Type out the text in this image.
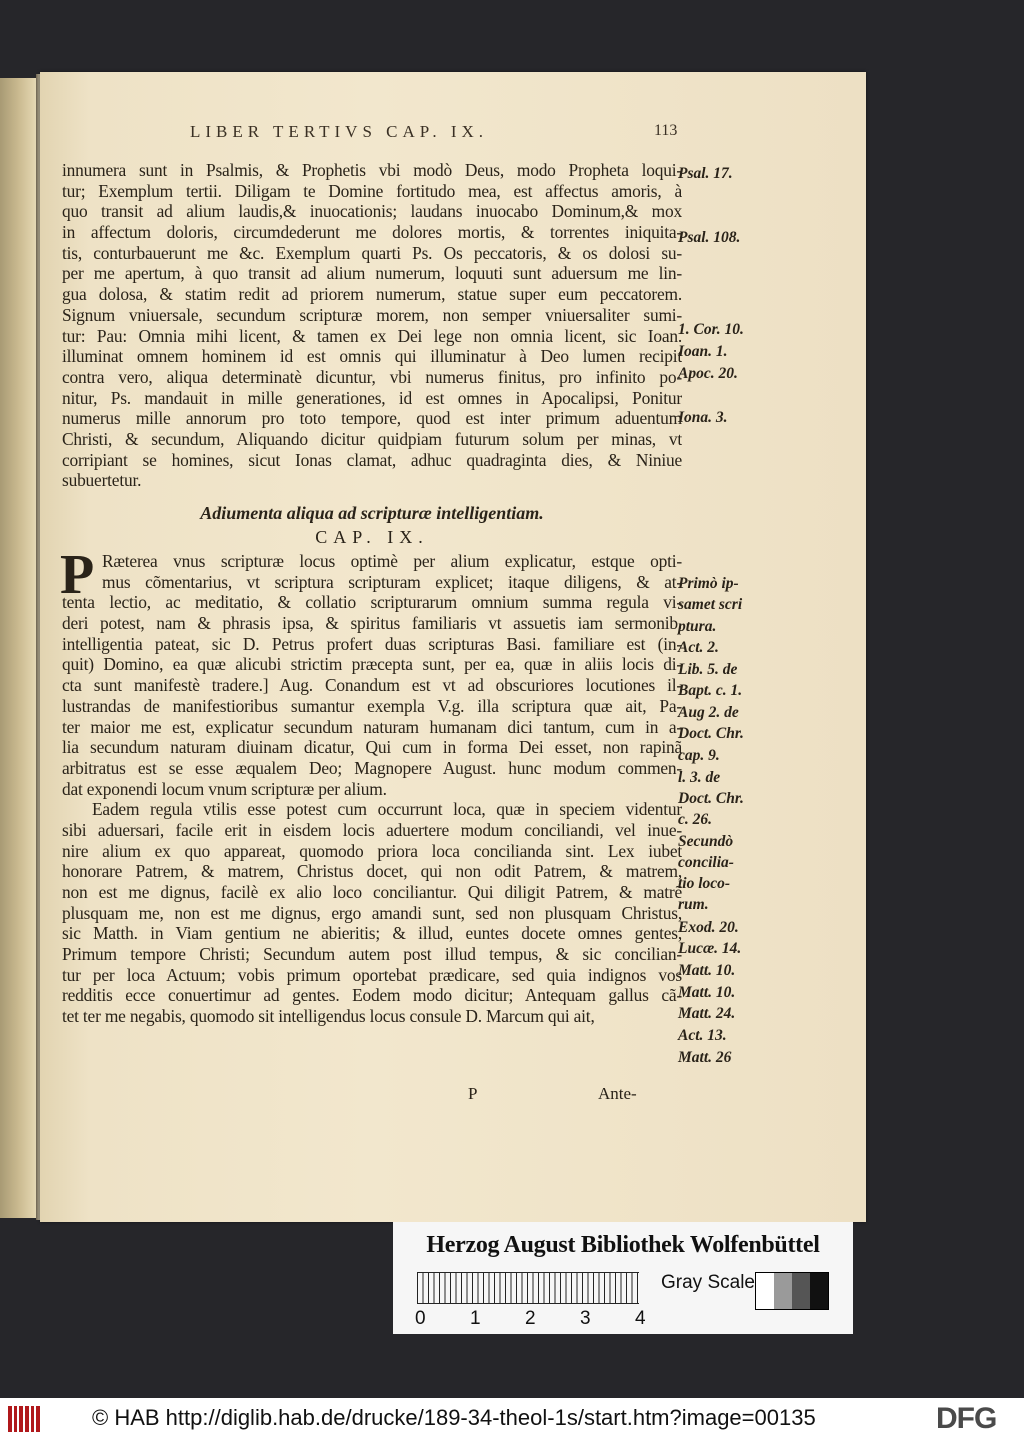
LIBER TERTIVS CAP. IX.	113
innumera sunt in Psalmis, & Prophetis vbi modò Deus, modo Propheta loqui-
tur; Exemplum tertii. Diligam te Domine fortitudo mea, est affectus amoris, à
quo transit ad alium laudis,& inuocationis; laudans inuocabo Dominum,& mox
in affectum doloris, circumdederunt me dolores mortis, & torrentes iniquita-
tis, conturbauerunt me &c. Exemplum quarti Ps. Os peccatoris, & os dolosi su-
per me apertum, à quo transit ad alium numerum, loquuti sunt aduersum me lin-
gua dolosa, & statim redit ad priorem numerum, statue super eum peccatorem.
Signum vniuersale, secundum scripturæ morem, non semper vniuersaliter sumi-
tur: Pau: Omnia mihi licent, & tamen ex Dei lege non omnia licent, sic Ioan.
illuminat omnem hominem id est omnis qui illuminatur à Deo lumen recipit
contra vero, aliqua determinatè dicuntur, vbi numerus finitus, pro infinito po-
nitur, Ps. mandauit in mille generationes, id est omnes in Apocalipsi, Ponitur
numerus mille annorum pro toto tempore, quod est inter primum aduentum
Christi, & secundum, Aliquando dicitur quidpiam futurum solum per minas, vt
corripiant se homines, sicut Ionas clamat, adhuc quadraginta dies, & Niniue
subuertetur.
Adiumenta aliqua ad scripturæ intelligentiam.
CAP. IX.
P Ræterea vnus scripturæ locus optimè per alium explicatur, estque opti-
mus cõmentarius, vt scriptura scripturam explicet; itaque diligens, & at-
tenta lectio, ac meditatio, & collatio scripturarum omnium summa regula vi-
deri potest, nam & phrasis ipsa, & spiritus familiaris vt assuetis iam sermonib.
intelligentia pateat, sic D. Petrus profert duas scripturas Basi. familiare est (in-
quit) Domino, ea quæ alicubi strictim præcepta sunt, per ea, quæ in aliis locis di-
cta sunt manifestè tradere.] Aug. Conandum est vt ad obscuriores locutiones il-
lustrandas de manifestioribus sumantur exempla V.g. illa scriptura quæ ait, Pa-
ter maior me est, explicatur secundum naturam humanam dici tantum, cum in a-
lia secundum naturam diuinam dicatur, Qui cum in forma Dei esset, non rapinã
arbitratus est se esse æqualem Deo; Magnopere August. hunc modum commen-
dat exponendi locum vnum scripturæ per alium.
Eadem regula vtilis esse potest cum occurrunt loca, quæ in speciem videntur
sibi aduersari, facile erit in eisdem locis aduertere modum conciliandi, vel inue-
nire alium ex quo appareat, quomodo priora loca concilianda sint. Lex iubet
honorare Patrem, & matrem, Christus docet, qui non odit Patrem, & matrem,
non est me dignus, facilè ex alio loco conciliantur. Qui diligit Patrem, & matrẽ
plusquam me, non est me dignus, ergo amandi sunt, sed non plusquam Christus,
sic Matth. in Viam gentium ne abieritis; & illud, euntes docete omnes gentes,
Primum tempore Christi; Secundum autem post illud tempus, & sic concilian-
tur per loca Actuum; vobis primum oportebat prædicare, sed quia indignos vos
redditis ecce conuertimur ad gentes. Eodem modo dicitur; Antequam gallus cã-
tet ter me negabis, quomodo sit intelligendus locus consule D. Marcum qui ait,
Psal. 17.
Psal. 108.
1. Cor. 10.
Ioan. 1.
Apoc. 20.
Iona. 3.
Primò ip-
samet scri
ptura.
Act. 2.
Lib. 5. de
Bapt. c. 1.
Aug 2. de
Doct. Chr.
cap. 9.
l. 3. de
Doct. Chr.
c. 26.
Secundò
concilia-
tio loco-
rum.
Exod. 20.
Lucæ. 14.
Matt. 10.
Matt. 10.
Matt. 24.
Act. 13.
Matt. 26
P	Ante-
Herzog August Bibliothek Wolfenbüttel
0 1 2 3 4
Gray Scale
© HAB http://diglib.hab.de/drucke/189-34-theol-1s/start.htm?image=00135	DFG
